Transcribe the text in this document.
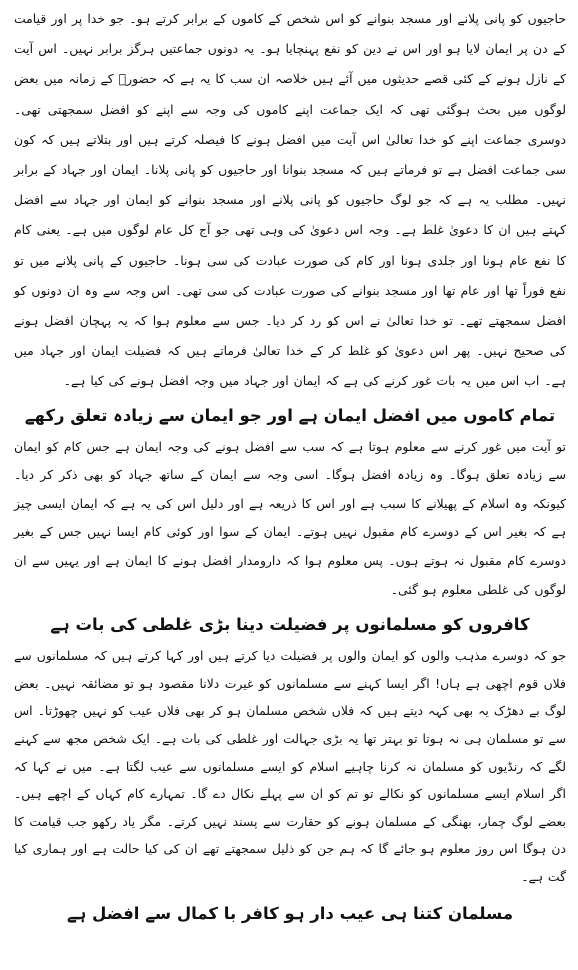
حاجیوں کو پانی پلانے اور مسجد بنوانے کو اس شخص کے کاموں کے برابر کرتے ہو۔ جو خدا پر اور قیامت کے دن پر ایمان لایا ہو اور اس نے دین کو نفع پہنچایا ہو۔ یہ دونوں جماعتیں ہرگز برابر نہیں۔ اس آیت کے نازل ہونے کے کئی قصے حدیثوں میں آئے ہیں خلاصہ ان سب کا یہ ہے کہ حضورؐ کے زمانہ میں بعض لوگوں میں بحث ہوگئی تھی کہ ایک جماعت اپنے کاموں کی وجہ سے اپنے کو افضل سمجھتی تھی۔ دوسری جماعت اپنے کو خدا تعالیٰ اس آیت میں افضل ہونے کا فیصلہ کرتے ہیں اور بتلاتے ہیں کہ کون سی جماعت افضل ہے تو فرماتے ہیں کہ مسجد بنوانا اور حاجیوں کو پانی پلانا۔ ایمان اور جہاد کے برابر نہیں۔ مطلب یہ ہے کہ جو لوگ حاجیوں کو پانی پلانے اور مسجد بنوانے کو ایمان اور جہاد سے افضل کہتے ہیں ان کا دعویٰ غلط ہے۔ وجہ اس دعویٰ کی وہی تھی جو آج کل عام لوگوں میں ہے۔ یعنی کام کا نفع عام ہونا اور جلدی ہونا اور کام کی صورت عبادت کی سی ہونا۔ حاجیوں کے پانی پلانے میں تو نفع فوراً تھا اور عام تھا اور مسجد بنوانے کی صورت عبادت کی سی تھی۔ اس وجہ سے وہ ان دونوں کو افضل سمجھتے تھے۔ تو خدا تعالیٰ نے اس کو رد کر دیا۔ جس سے معلوم ہوا کہ یہ پہچان افضل ہونے کی صحیح نہیں۔ پھر اس دعویٰ کو غلط کر کے خدا تعالیٰ فرماتے ہیں کہ فضیلت ایمان اور جہاد میں ہے۔ اب اس میں یہ بات غور کرنے کی ہے کہ ایمان اور جہاد میں وجہ افضل ہونے کی کیا ہے۔

تمام کاموں میں افضل ایمان ہے اور جو ایمان سے زیادہ تعلق رکھے

تو آیت میں غور کرنے سے معلوم ہوتا ہے کہ سب سے افضل ہونے کی وجہ ایمان ہے جس کام کو ایمان سے زیادہ تعلق ہوگا۔ وہ زیادہ افضل ہوگا۔ اسی وجہ سے ایمان کے ساتھ جہاد کو بھی ذکر کر دیا۔ کیونکہ وہ اسلام کے پھیلانے کا سبب ہے اور اس کا ذریعہ ہے اور دلیل اس کی یہ ہے کہ ایمان ایسی چیز ہے کہ بغیر اس کے دوسرے کام مقبول نہیں ہوتے۔ ایمان کے سوا اور کوئی کام ایسا نہیں جس کے بغیر دوسرے کام مقبول نہ ہوتے ہوں۔ پس معلوم ہوا کہ دارومدار افضل ہونے کا ایمان ہے اور یہیں سے ان لوگوں کی غلطی معلوم ہو گئی۔

کافروں کو مسلمانوں پر فضیلت دینا بڑی غلطی کی بات ہے

جو کہ دوسرے مذہب والوں کو ایمان والوں پر فضیلت دیا کرتے ہیں اور کہا کرتے ہیں کہ مسلمانوں سے فلاں قوم اچھی ہے ہاں! اگر ایسا کہنے سے مسلمانوں کو غیرت دلانا مقصود ہو تو مضائقہ نہیں۔ بعض لوگ بے دھڑک یہ بھی کہہ دیتے ہیں کہ فلاں شخص مسلمان ہو کر بھی فلاں عیب کو نہیں چھوڑتا۔ اس سے تو مسلمان ہی نہ ہوتا تو بہتر تھا یہ بڑی جہالت اور غلطی کی بات ہے۔ ایک شخص مجھ سے کہنے لگے کہ رنڈیوں کو مسلمان نہ کرنا چاہیے اسلام کو ایسے مسلمانوں سے عیب لگتا ہے۔ میں نے کہا کہ اگر اسلام ایسے مسلمانوں کو نکالے تو تم کو ان سے پہلے نکال دے گا۔ تمہارے کام کہاں کے اچھے ہیں۔ بعضے لوگ چمار، بھنگی کے مسلمان ہونے کو حقارت سے پسند نہیں کرتے۔ مگر یاد رکھو جب قیامت کا دن ہوگا اس روز معلوم ہو جائے گا کہ ہم جن کو ذلیل سمجھتے تھے ان کی کیا حالت ہے اور ہماری کیا گت ہے۔

مسلمان کتنا ہی عیب دار ہو کافر با کمال سے افضل ہے
